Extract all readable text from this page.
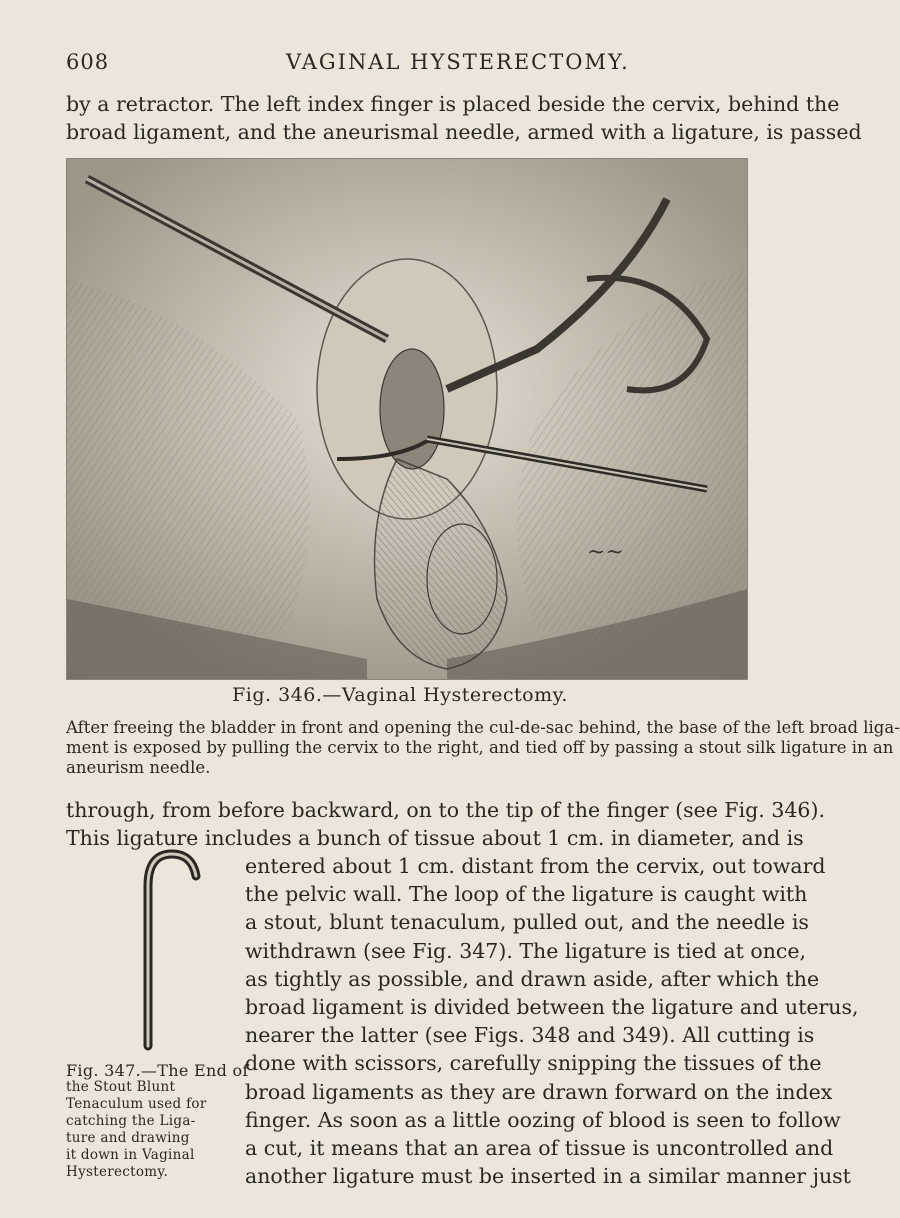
608	VAGINAL HYSTERECTOMY.
by a retractor. The left index finger is placed beside the cervix, behind the
broad ligament, and the aneurismal needle, armed with a ligature, is passed
~~
Fig. 346.—Vaginal Hysterectomy.
After freeing the bladder in front and opening the cul-de-sac behind, the base of the left broad liga-
ment is exposed by pulling the cervix to the right, and tied off by passing a stout silk ligature in an
aneurism needle.
through, from before backward, on to the tip of the finger (see Fig. 346).
This ligature includes a bunch of tissue about 1 cm. in diameter, and is
Fig. 347.—The End of
the Stout Blunt
Tenaculum used for
catching the Liga-
ture and drawing
it down in Vaginal
Hysterectomy.
entered about 1 cm. distant from the cervix, out toward
the pelvic wall. The loop of the ligature is caught with
a stout, blunt tenaculum, pulled out, and the needle is
withdrawn (see Fig. 347). The ligature is tied at once,
as tightly as possible, and drawn aside, after which the
broad ligament is divided between the ligature and uterus,
nearer the latter (see Figs. 348 and 349). All cutting is
done with scissors, carefully snipping the tissues of the
broad ligaments as they are drawn forward on the index
finger. As soon as a little oozing of blood is seen to follow
a cut, it means that an area of tissue is uncontrolled and
another ligature must be inserted in a similar manner just
